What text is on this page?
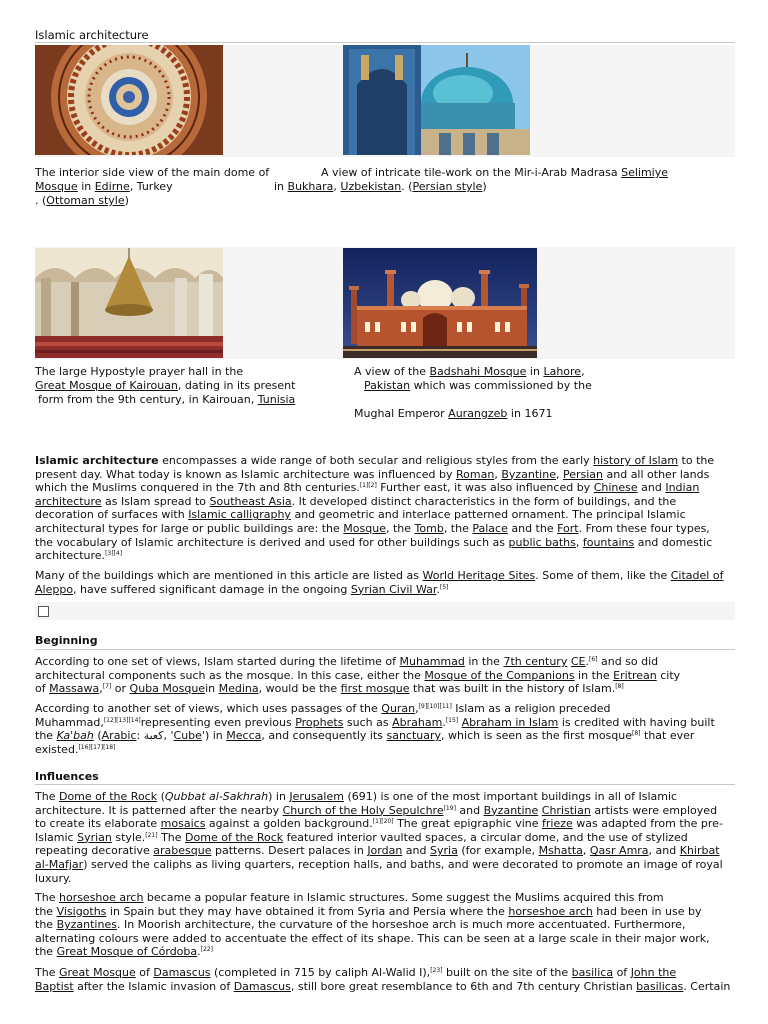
Islamic architecture
The interior side view of the main dome of
Mosque in Edirne, Turkey
. (Ottoman style)
A view of intricate tile-work on the Mir-i-Arab Madrasa Selimiye
in Bukhara, Uzbekistan. (Persian style)
The large Hypostyle prayer hall in the
Great Mosque of Kairouan, dating in its present
form from the 9th century, in Kairouan, Tunisia
A view of the Badshahi Mosque in Lahore,
Pakistan which was commissioned by the
Mughal Emperor Aurangzeb in 1671
Islamic architecture encompasses a wide range of both secular and religious styles from the early history of Islam to the
present day. What today is known as Islamic architecture was influenced by Roman, Byzantine, Persian and all other lands
which the Muslims conquered in the 7th and 8th centuries.[1][2] Further east, it was also influenced by Chinese and Indian
architecture as Islam spread to Southeast Asia. It developed distinct characteristics in the form of buildings, and the
decoration of surfaces with Islamic calligraphy and geometric and interlace patterned ornament. The principal Islamic
architectural types for large or public buildings are: the Mosque, the Tomb, the Palace and the Fort. From these four types,
the vocabulary of Islamic architecture is derived and used for other buildings such as public baths, fountains and domestic
architecture.[3][4]
Many of the buildings which are mentioned in this article are listed as World Heritage Sites. Some of them, like the Citadel of
Aleppo, have suffered significant damage in the ongoing Syrian Civil War.[5]
Beginning
According to one set of views, Islam started during the lifetime of Muhammad in the 7th century CE.[6] and so did
architectural components such as the mosque. In this case, either the Mosque of the Companions in the Eritrean city
of Massawa,[7] or Quba Mosquein Medina, would be the first mosque that was built in the history of Islam.[8]
According to another set of views, which uses passages of the Quran,[9][10][11] Islam as a religion preceded
Muhammad,[12][13][14]representing even previous Prophets such as Abraham.[15] Abraham in Islam is credited with having built
the Ka'bah (Arabic: كعبة, 'Cube') in Mecca, and consequently its sanctuary, which is seen as the first mosque[8] that ever
existed.[16][17][18]
Influences
The Dome of the Rock (Qubbat al-Sakhrah) in Jerusalem (691) is one of the most important buildings in all of Islamic
architecture. It is patterned after the nearby Church of the Holy Sepulchre[19] and Byzantine Christian artists were employed
to create its elaborate mosaics against a golden background.[1][20] The great epigraphic vine frieze was adapted from the pre-
Islamic Syrian style.[21] The Dome of the Rock featured interior vaulted spaces, a circular dome, and the use of stylized
repeating decorative arabesque patterns. Desert palaces in Jordan and Syria (for example, Mshatta, Qasr Amra, and Khirbat
al-Mafjar) served the caliphs as living quarters, reception halls, and baths, and were decorated to promote an image of royal
luxury.
The horseshoe arch became a popular feature in Islamic structures. Some suggest the Muslims acquired this from
the Visigoths in Spain but they may have obtained it from Syria and Persia where the horseshoe arch had been in use by
the Byzantines. In Moorish architecture, the curvature of the horseshoe arch is much more accentuated. Furthermore,
alternating colours were added to accentuate the effect of its shape. This can be seen at a large scale in their major work,
the Great Mosque of Córdoba.[22]
The Great Mosque of Damascus (completed in 715 by caliph Al-Walid I),[23] built on the site of the basilica of John the
Baptist after the Islamic invasion of Damascus, still bore great resemblance to 6th and 7th century Christian basilicas. Certain
